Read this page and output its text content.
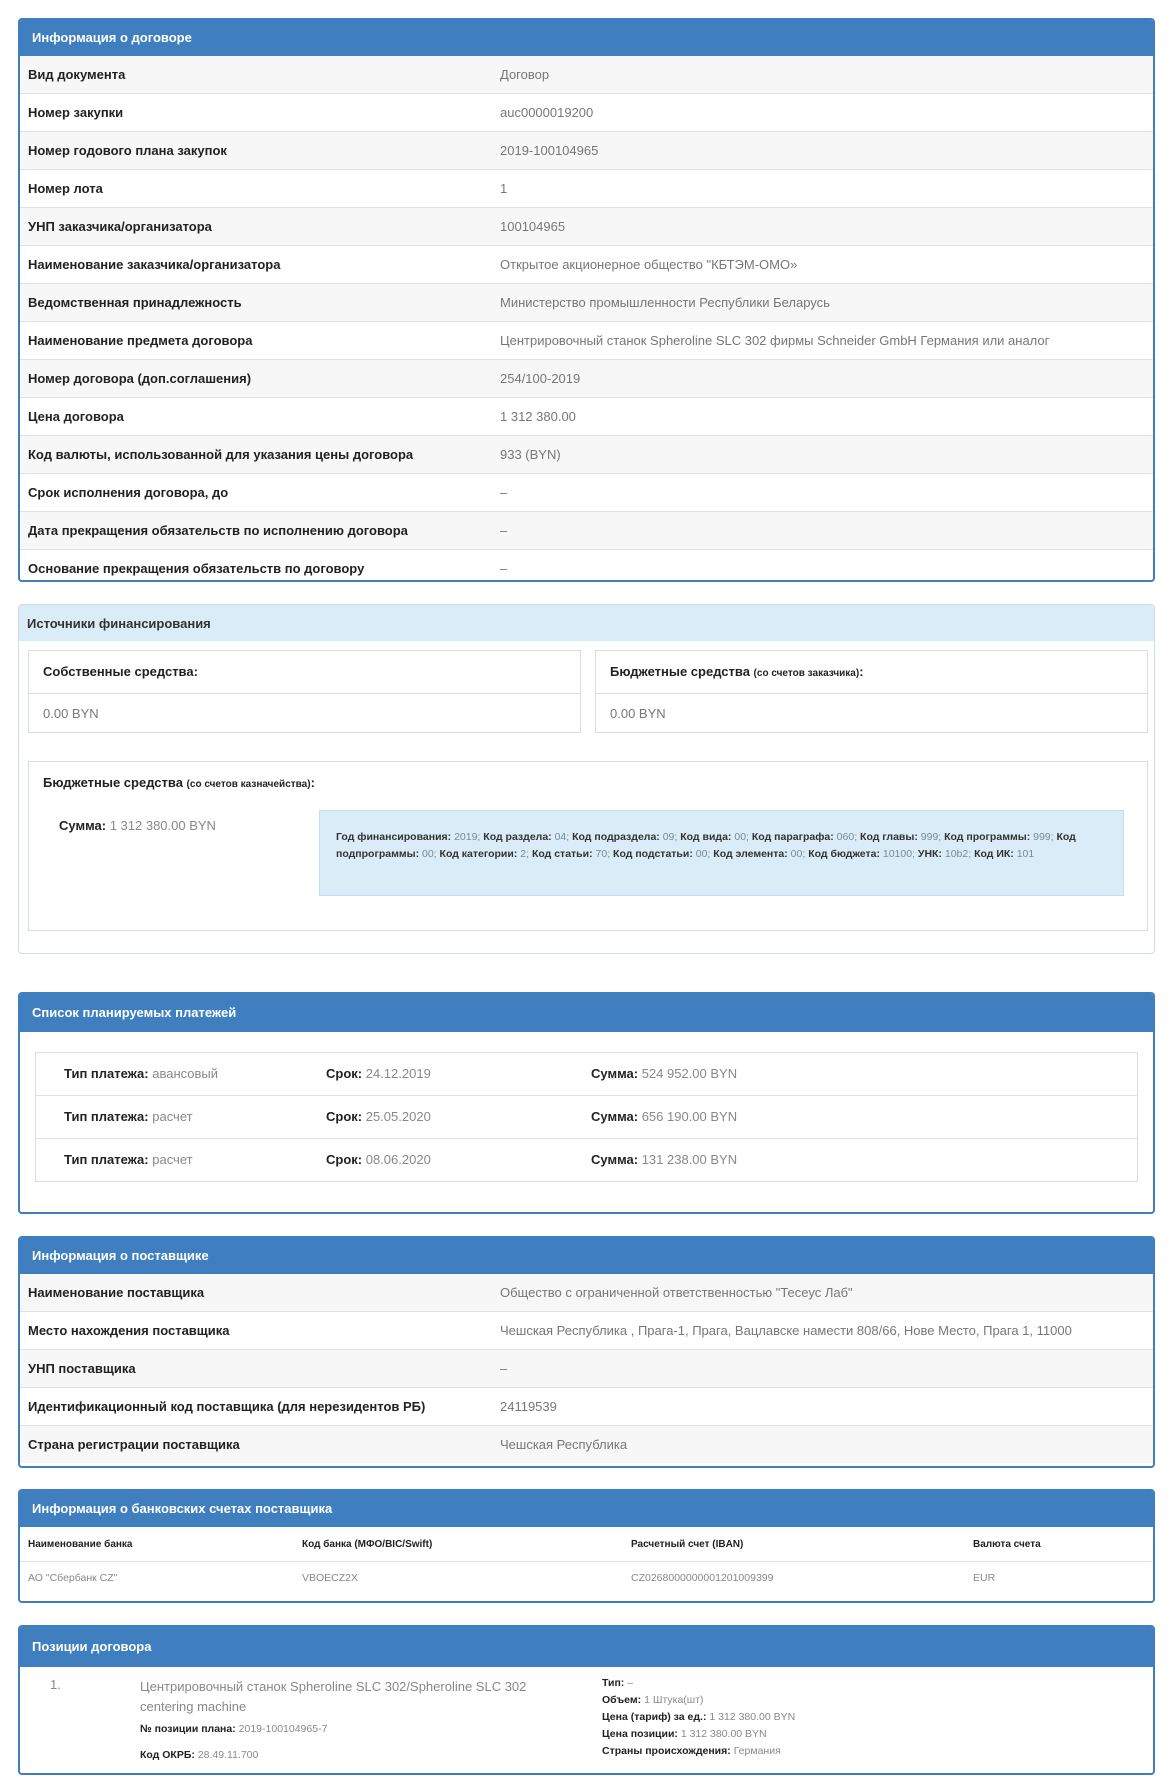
Информация о договоре
Вид документа	Договор
Номер закупки	auc0000019200
Номер годового плана закупок	2019-100104965
Номер лота	1
УНП заказчика/организатора	100104965
Наименование заказчика/организатора	Открытое акционерное общество "КБТЭМ-ОМО»
Ведомственная принадлежность	Министерство промышленности Республики Беларусь
Наименование предмета договора	Центрировочный станок Spheroline SLC 302 фирмы Schneider GmbH Германия или аналог
Номер договора (доп.соглашения)	254/100-2019
Цена договора	1 312 380.00
Код валюты, использованной для указания цены договора	933 (BYN)
Срок исполнения договора, до	–
Дата прекращения обязательств по исполнению договора	–
Основание прекращения обязательств по договору	–
Источники финансирования
Собственные средства:
0.00 BYN
Бюджетные средства (со счетов заказчика):
0.00 BYN
Бюджетные средства (со счетов казначейства):
Сумма: 1 312 380.00 BYN
Год финансирования: 2019; Код раздела: 04; Код подраздела: 09; Код вида: 00; Код параграфа: 060; Код главы: 999; Код программы: 999; Код подпрограммы: 00; Код категории: 2; Код статьи: 70; Код подстатьи: 00; Код элемента: 00; Код бюджета: 10100; УНК: 10b2; Код ИК: 101
Список планируемых платежей
Тип платежа: авансовый	Срок: 24.12.2019	Сумма: 524 952.00 BYN
Тип платежа: расчет	Срок: 25.05.2020	Сумма: 656 190.00 BYN
Тип платежа: расчет	Срок: 08.06.2020	Сумма: 131 238.00 BYN
Информация о поставщике
Наименование поставщика	Общество с ограниченной ответственностью "Тесеус Лаб"
Место нахождения поставщика	Чешская Республика , Прага-1, Прага, Вацлавске намести 808/66, Нове Место, Прага 1, 11000
УНП поставщика	–
Идентификационный код поставщика (для нерезидентов РБ)	24119539
Страна регистрации поставщика	Чешская Республика
Информация о банковских счетах поставщика
Наименование банка	Код банка (МФО/BIC/Swift)	Расчетный счет (IBAN)	Валюта счета
АО "Сбербанк CZ"	VBOECZ2X	CZ0268000000001201009399	EUR
Позиции договора
1.	Центрировочный станок Spheroline SLC 302/Spheroline SLC 302 centering machine
№ позиции плана: 2019-100104965-7
Код ОКРБ: 28.49.11.700
Тип: –
Объем: 1 Штука(шт)
Цена (тариф) за ед.: 1 312 380.00 BYN
Цена позиции: 1 312 380.00 BYN
Страны происхождения: Германия
